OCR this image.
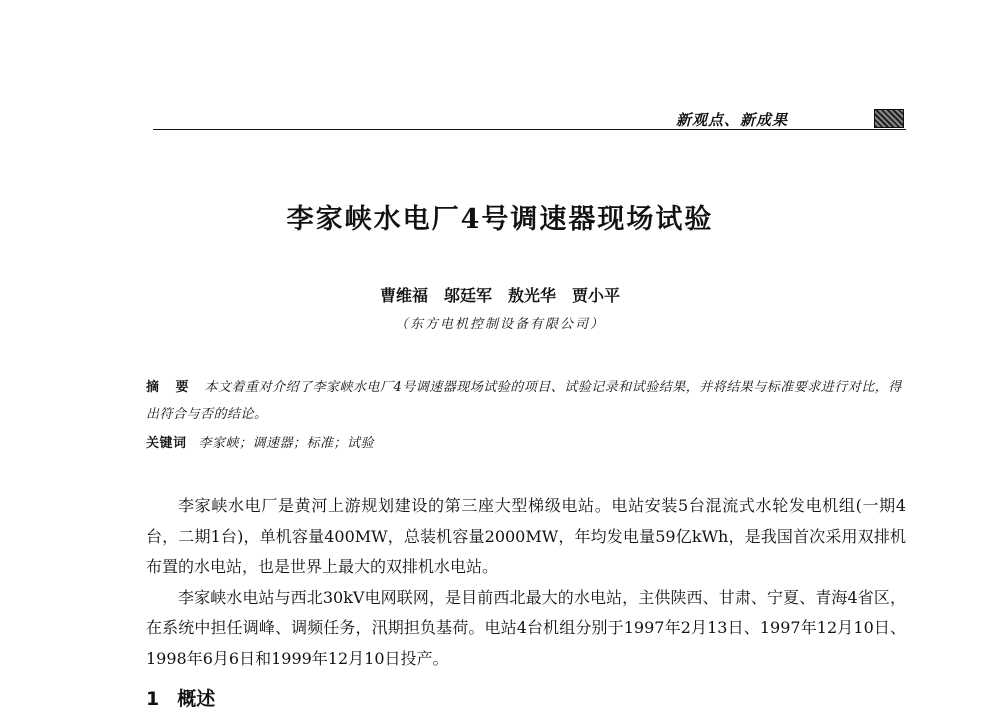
新观点、新成果
李家峡水电厂4号调速器现场试验
曹维福　邬廷军　敖光华　贾小平
（东方电机控制设备有限公司）
摘 要 本文着重对介绍了李家峡水电厂4号调速器现场试验的项目、试验记录和试验结果，并将结果与标准要求进行对比，得出符合与否的结论。
关键词 李家峡；调速器；标准；试验

李家峡水电厂是黄河上游规划建设的第三座大型梯级电站。电站安装5台混流式水轮发电机组(一期4台，二期1台)，单机容量400MW，总装机容量2000MW，年均发电量59亿kWh，是我国首次采用双排机布置的水电站，也是世界上最大的双排机水电站。

李家峡水电站与西北30kV电网联网，是目前西北最大的水电站，主供陕西、甘肃、宁夏、青海4省区，在系统中担任调峰、调频任务，汛期担负基荷。电站4台机组分别于1997年2月13日、1997年12月10日、1998年6月6日和1999年12月10日投产。

1 概述
